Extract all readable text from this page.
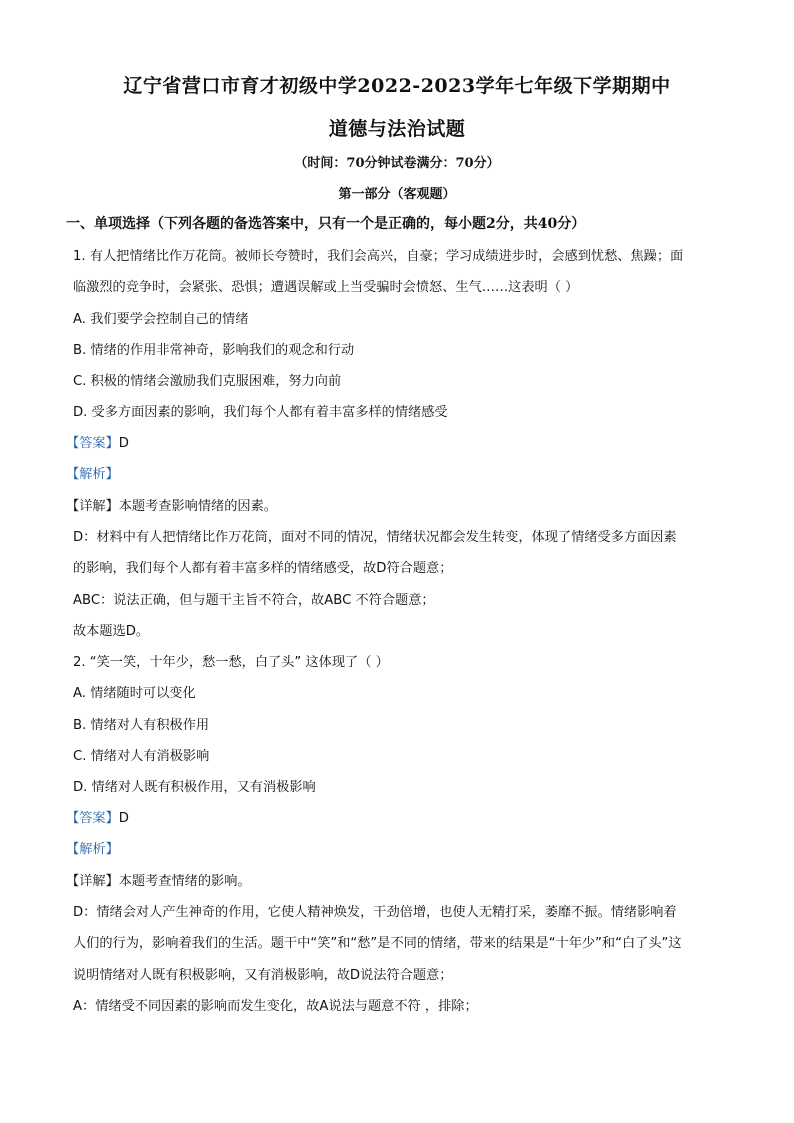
辽宁省营口市育才初级中学2022-2023学年七年级下学期期中
道德与法治试题
（时间：70分钟试卷满分：70分）
第一部分（客观题）
一、单项选择（下列各题的备选答案中，只有一个是正确的，每小题2分，共40分）
1. 有人把情绪比作万花筒。被师长夸赞时，我们会高兴，自豪；学习成绩进步时，会感到忧愁、焦躁；面
临激烈的竞争时，会紧张、恐惧；遭遇误解或上当受骗时会愤怒、生气……这表明（ ）
A. 我们要学会控制自己的情绪
B. 情绪的作用非常神奇，影响我们的观念和行动
C. 积极的情绪会激励我们克服困难，努力向前
D. 受多方面因素的影响，我们每个人都有着丰富多样的情绪感受
【答案】D
【解析】
【详解】本题考查影响情绪的因素。
D：材料中有人把情绪比作万花筒，面对不同的情况，情绪状况都会发生转变，体现了情绪受多方面因素
的影响，我们每个人都有着丰富多样的情绪感受，故D符合题意；
ABC：说法正确，但与题干主旨不符合，故ABC 不符合题意；
故本题选D。
2. “笑一笑，十年少，愁一愁，白了头” 这体现了（ ）
A. 情绪随时可以变化
B. 情绪对人有积极作用
C. 情绪对人有消极影响
D. 情绪对人既有积极作用，又有消极影响
【答案】D
【解析】
【详解】本题考查情绪的影响。
D：情绪会对人产生神奇的作用，它使人精神焕发，干劲倍增，也使人无精打采，萎靡不振。情绪影响着
人们的行为，影响着我们的生活。题干中“笑”和“愁”是不同的情绪，带来的结果是“十年少”和“白了头”这
说明情绪对人既有积极影响，又有消极影响，故D说法符合题意；
A：情绪受不同因素的影响而发生变化，故A说法与题意不符 ，排除；
